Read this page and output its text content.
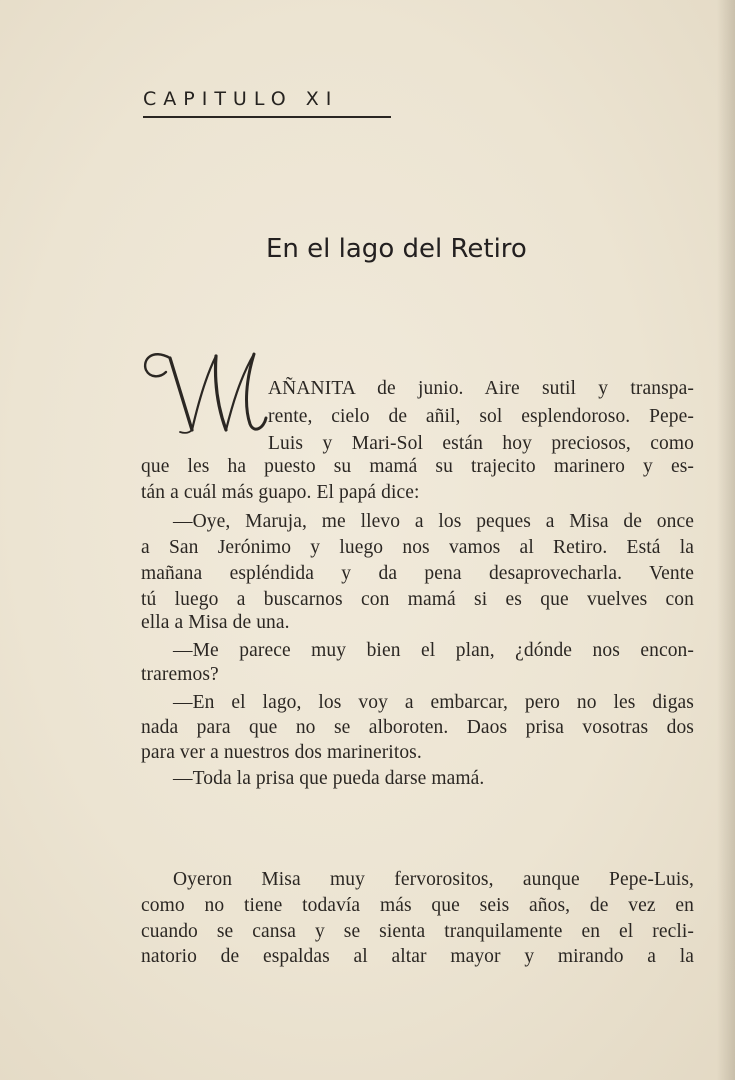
CAPITULO XI
En el lago del Retiro
AÑANITA de junio. Aire sutil y transpa-
rente, cielo de añil, sol esplendoroso. Pepe-
Luis y Mari-Sol están hoy preciosos, como
que les ha puesto su mamá su trajecito marinero y es-
tán a cuál más guapo. El papá dice:
—Oye, Maruja, me llevo a los peques a Misa de once
a San Jerónimo y luego nos vamos al Retiro. Está la
mañana espléndida y da pena desaprovecharla. Vente
tú luego a buscarnos con mamá si es que vuelves con
ella a Misa de una.
—Me parece muy bien el plan, ¿dónde nos encon-
traremos?
—En el lago, los voy a embarcar, pero no les digas
nada para que no se alboroten. Daos prisa vosotras dos
para ver a nuestros dos marineritos.
—Toda la prisa que pueda darse mamá.
Oyeron Misa muy fervorositos, aunque Pepe-Luis,
como no tiene todavía más que seis años, de vez en
cuando se cansa y se sienta tranquilamente en el recli-
natorio de espaldas al altar mayor y mirando a la
